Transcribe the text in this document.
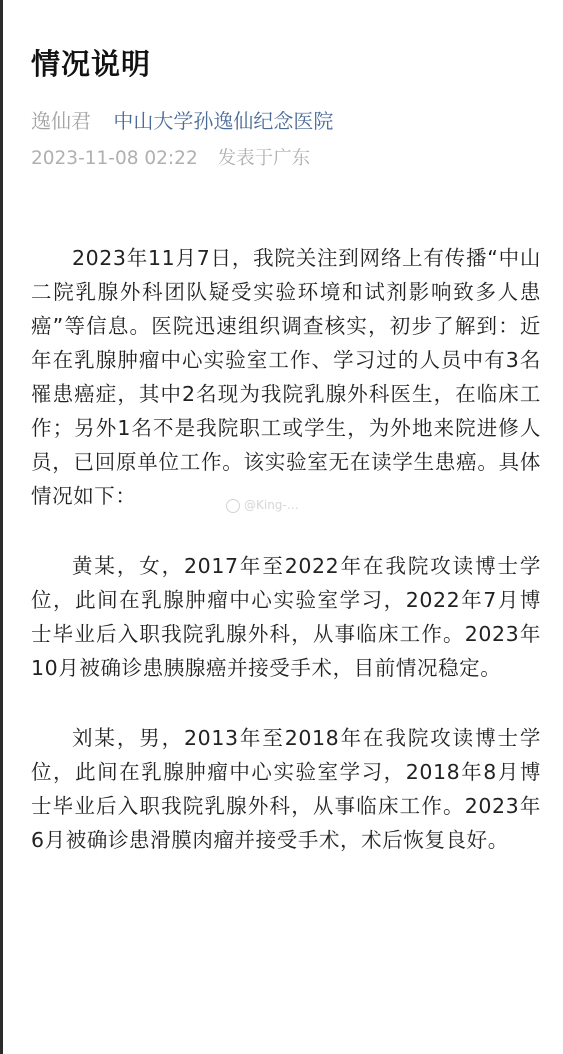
情况说明
逸仙君 中山大学孙逸仙纪念医院
2023-11-08 02:22 发表于广东

2023年11月7日，我院关注到网络上有传播“中山二院乳腺外科团队疑受实验环境和试剂影响致多人患癌”等信息。医院迅速组织调查核实，初步了解到：近年在乳腺肿瘤中心实验室工作、学习过的人员中有3名罹患癌症，其中2名现为我院乳腺外科医生，在临床工作；另外1名不是我院职工或学生，为外地来院进修人员，已回原单位工作。该实验室无在读学生患癌。具体情况如下：

黄某，女，2017年至2022年在我院攻读博士学位，此间在乳腺肿瘤中心实验室学习，2022年7月博士毕业后入职我院乳腺外科，从事临床工作。2023年10月被确诊患胰腺癌并接受手术，目前情况稳定。

刘某，男，2013年至2018年在我院攻读博士学位，此间在乳腺肿瘤中心实验室学习，2018年8月博士毕业后入职我院乳腺外科，从事临床工作。2023年6月被确诊患滑膜肉瘤并接受手术，术后恢复良好。

@King-…
